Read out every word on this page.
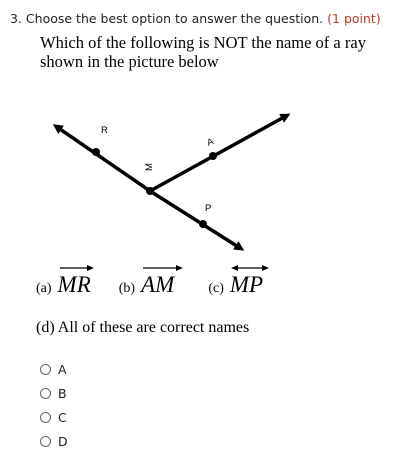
3. Choose the best option to answer the question. (1 point)
Which of the following is NOT the name of a ray shown in the picture below
R
A
M
P
(a) MR (b) AM (c) MP
(d) All of these are correct names
A
B
C
D
